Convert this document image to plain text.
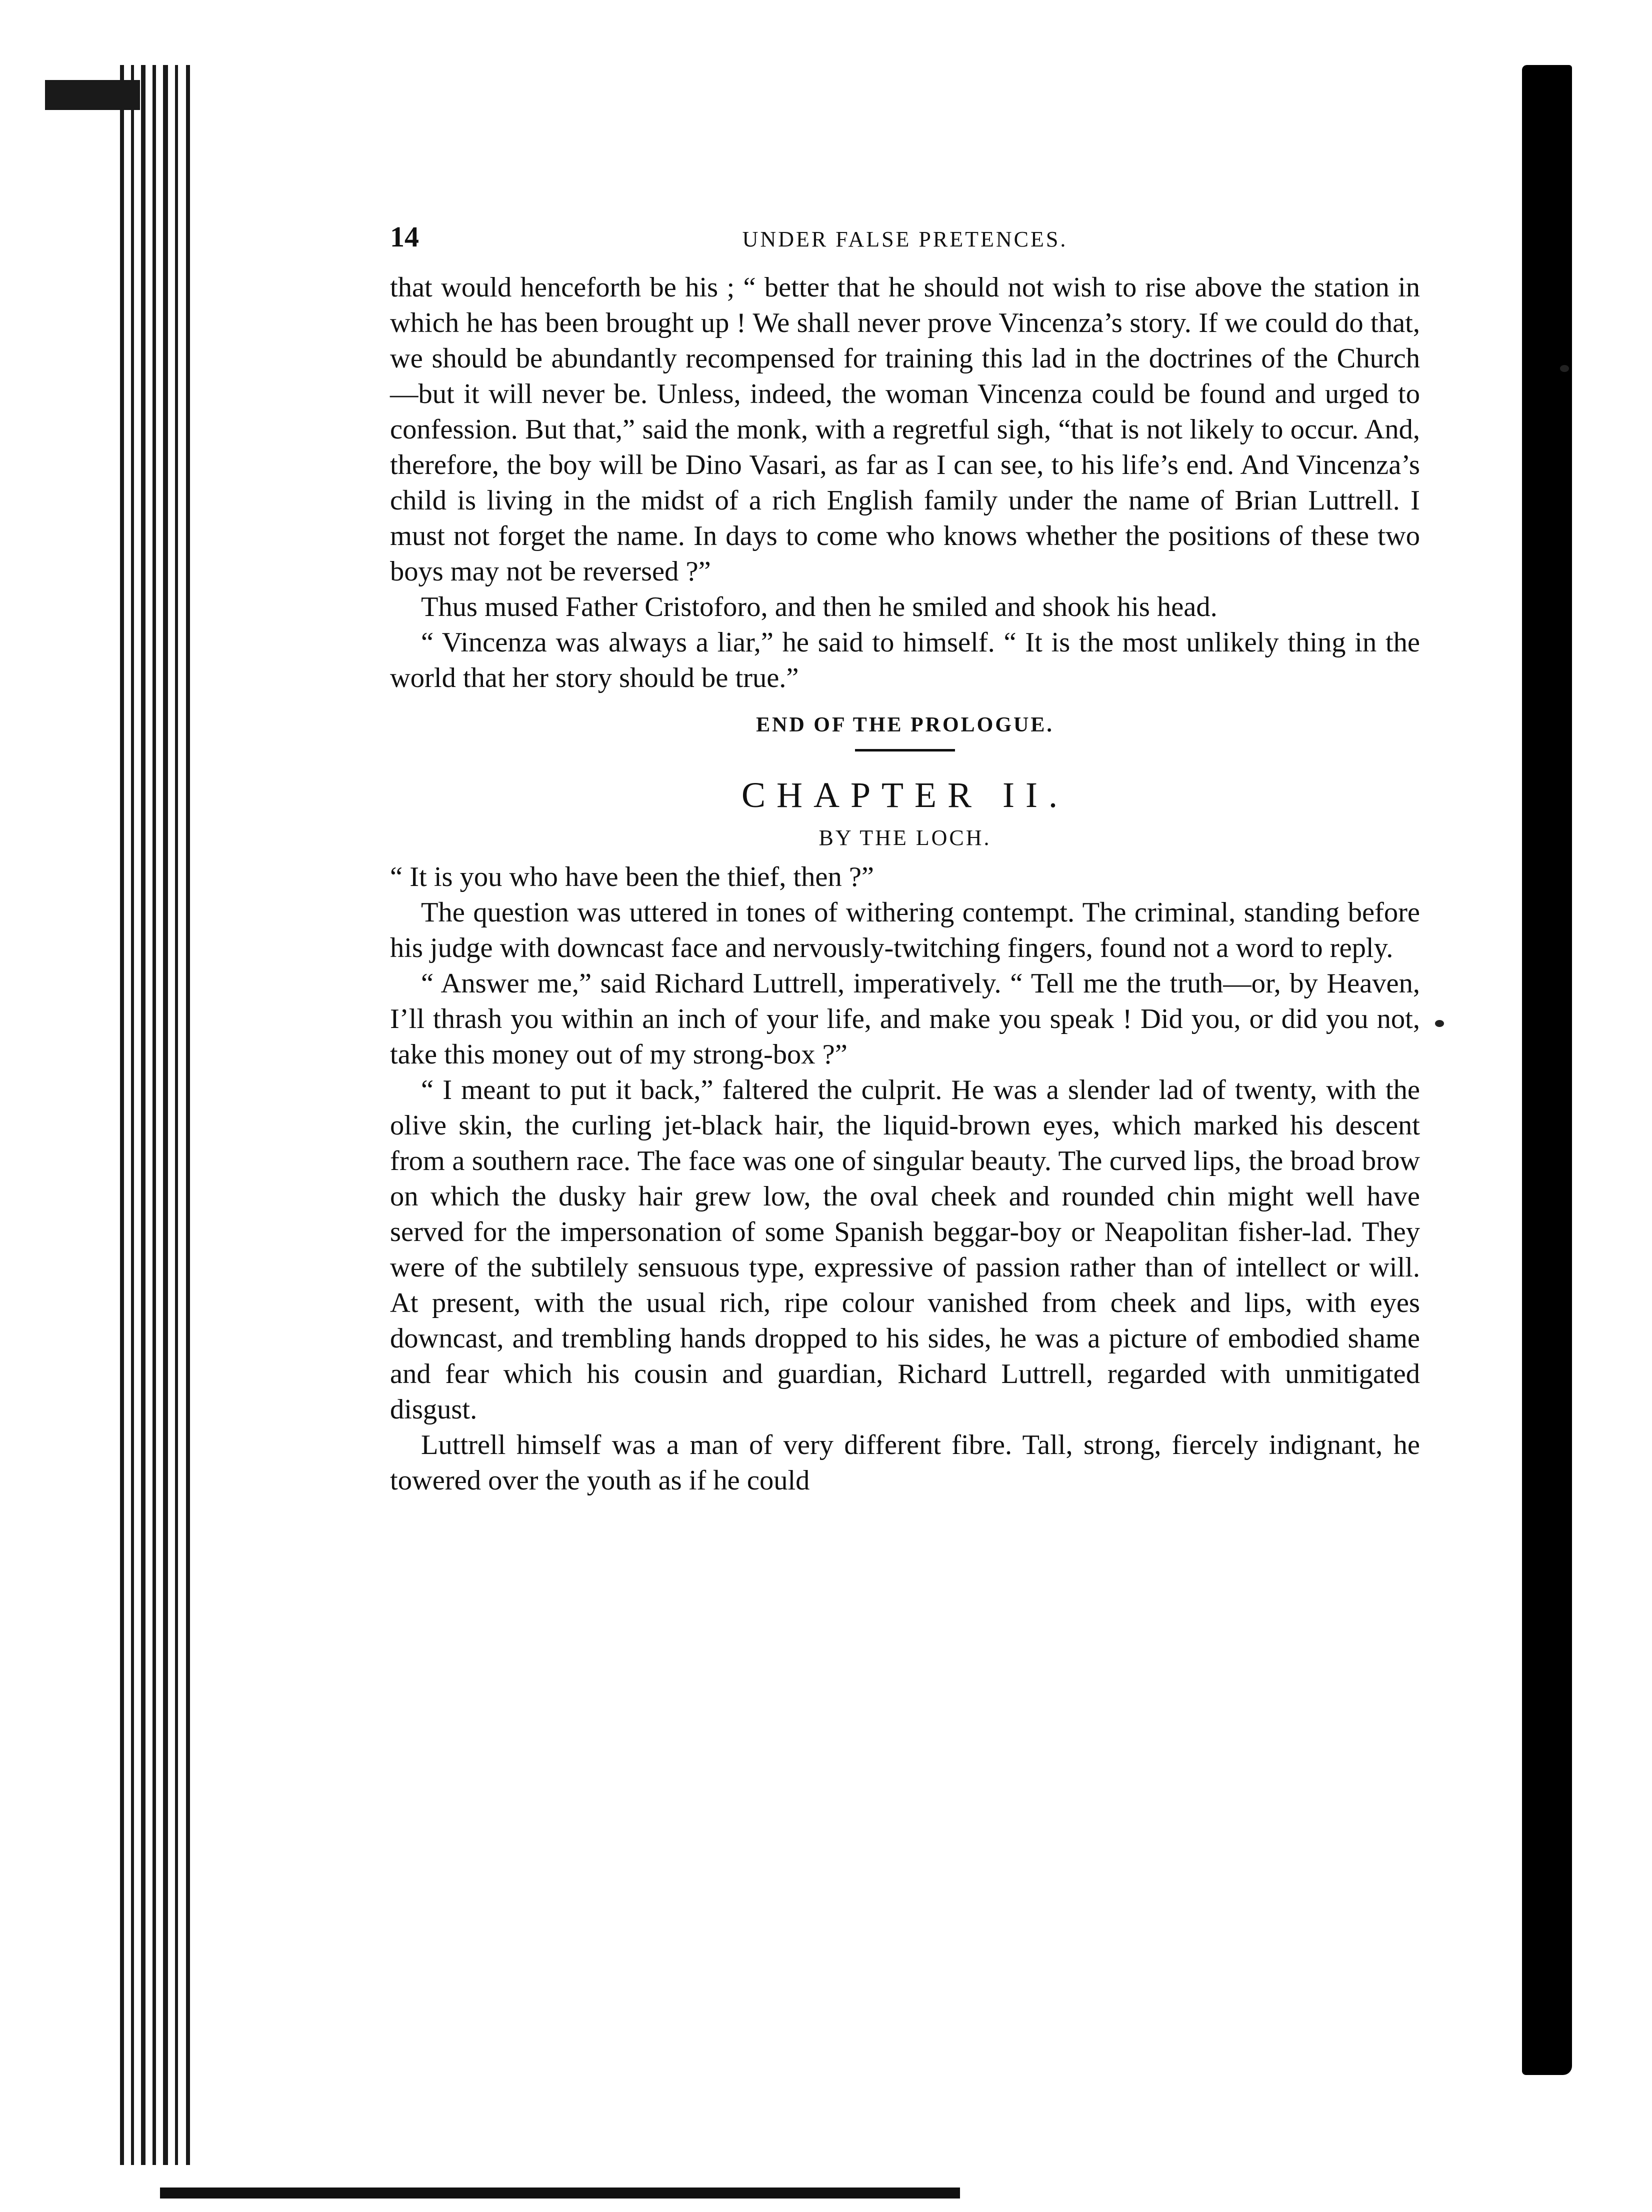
14	UNDER FALSE PRETENCES.

that would henceforth be his ; “ better that he should not wish to rise above the station in which he has been brought up ! We shall never prove Vincenza’s story. If we could do that, we should be abundantly recompensed for training this lad in the doctrines of the Church—but it will never be. Unless, indeed, the woman Vincenza could be found and urged to confession. But that,” said the monk, with a regretful sigh, “that is not likely to occur. And, therefore, the boy will be Dino Vasari, as far as I can see, to his life’s end. And Vincenza’s child is living in the midst of a rich English family under the name of Brian Luttrell. I must not forget the name. In days to come who knows whether the positions of these two boys may not be reversed ?”

Thus mused Father Cristoforo, and then he smiled and shook his head.

“ Vincenza was always a liar,” he said to himself. “ It is the most unlikely thing in the world that her story should be true.”

END OF THE PROLOGUE.
CHAPTER II.
BY THE LOCH.

“ It is you who have been the thief, then ?”

The question was uttered in tones of withering contempt. The criminal, standing before his judge with downcast face and nervously-twitching fingers, found not a word to reply.

“ Answer me,” said Richard Luttrell, imperatively. “ Tell me the truth—or, by Heaven, I’ll thrash you within an inch of your life, and make you speak ! Did you, or did you not, take this money out of my strong-box ?”

“ I meant to put it back,” faltered the culprit. He was a slender lad of twenty, with the olive skin, the curling jet-black hair, the liquid-brown eyes, which marked his descent from a southern race. The face was one of singular beauty. The curved lips, the broad brow on which the dusky hair grew low, the oval cheek and rounded chin might well have served for the impersonation of some Spanish beggar-boy or Neapolitan fisher-lad. They were of the subtilely sensuous type, expressive of passion rather than of intellect or will. At present, with the usual rich, ripe colour vanished from cheek and lips, with eyes downcast, and trembling hands dropped to his sides, he was a picture of embodied shame and fear which his cousin and guardian, Richard Luttrell, regarded with unmitigated disgust.

Luttrell himself was a man of very different fibre. Tall, strong, fiercely indignant, he towered over the youth as if he could
